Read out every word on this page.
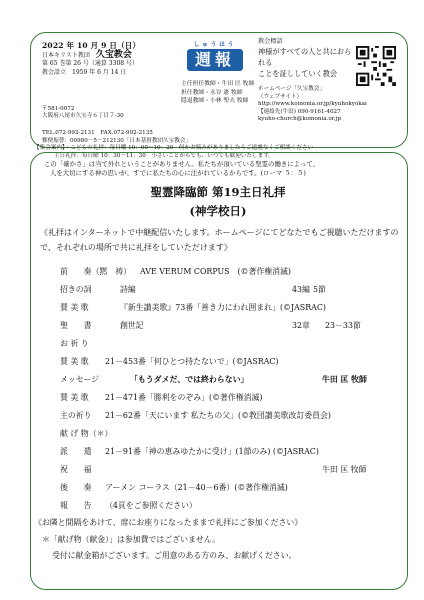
2022 年 10 月 9 日（日）
日本キリスト教団 久宝教会
第 65 巻第 26 号（通算 3308 号）
教会設立　1959 年 6 月 14 日
しゅうほう
週報
主任担任教師・牛田 匡 牧師
担任教師・永谷 憲 牧師
隠退教師・小林 聖夫 牧師
教会標語
神様がすべての人と共におられる
ことを証ししていく教会
ホームページ「久宝教会」
（ウェブサイト）
http://www.koinonia.or.jp/kyuhokyokai
【連絡先(牛田) 090-9161-4027
kyuho-church@koinonia.or.jp
〒581-0072
大阪府八尾市久宝寺６丁目７-30
TEL.072-992-2131　FAX.072-992-2135
郵便振替：00980－5－212130「日本基督教団久宝教会」
【集会案内】・こどもの礼拝：毎日曜 10：00～10：20　何かお悩みがありましたらご遠慮なくご相談ください
主日礼拝：毎日曜 10：30～11：30　小さいことがらでも、いつでも歓迎いたします。
この「確かさ」は当て外れということがありません。私たちが頂いている聖霊の働きによって、
人を大切にする神の思いが、すでに私たちの心に注がれているからです。(ローマ ５：５)
聖霊降臨節 第19主日礼拝
(神学校日)
《礼拝はインターネットで中継配信いたします。ホームページにてどなたでもご視聴いただけますので、それぞれの場所で共に礼拝をしていただけます》
前　　奏（黙　祷） AVE VERUM CORPUS　(©著作権消滅)
招きの詞	詩編	43編 5節
賛 美 歌	『新生讃美歌』73番「善き力にわれ囲まれ」(©JASRAC)
聖　　書	創世記	32章 23－33節
お 祈 り
賛 美 歌 21－453番「何ひとつ持たないで」(©JASRAC)
メッセージ	「もうダメだ、では終わらない」	牛田 匡 牧師
賛 美 歌 21－471番「勝利をのぞみ」(©著作権消滅)
主の祈り 21－62番「天にいます 私たちの父」(©教団讃美歌改訂委員会)
献 げ 物（＊）
派　　遣 21－91番「神の恵みゆたかに受け」(1節のみ) (©JASRAC)
祝　　福	牛田 匡 牧師
後　　奏 アーメン コーラス（21－40－6番）(©著作権消滅)
報　　告 （4頁をご参照ください）
《お隣と間隔をあけて、席にお座りになったままで礼拝にご参加ください》
＊「献げ物（献金）」は参加費ではございません。
受付に献金箱がございます。ご用意のある方のみ、お献げください。
